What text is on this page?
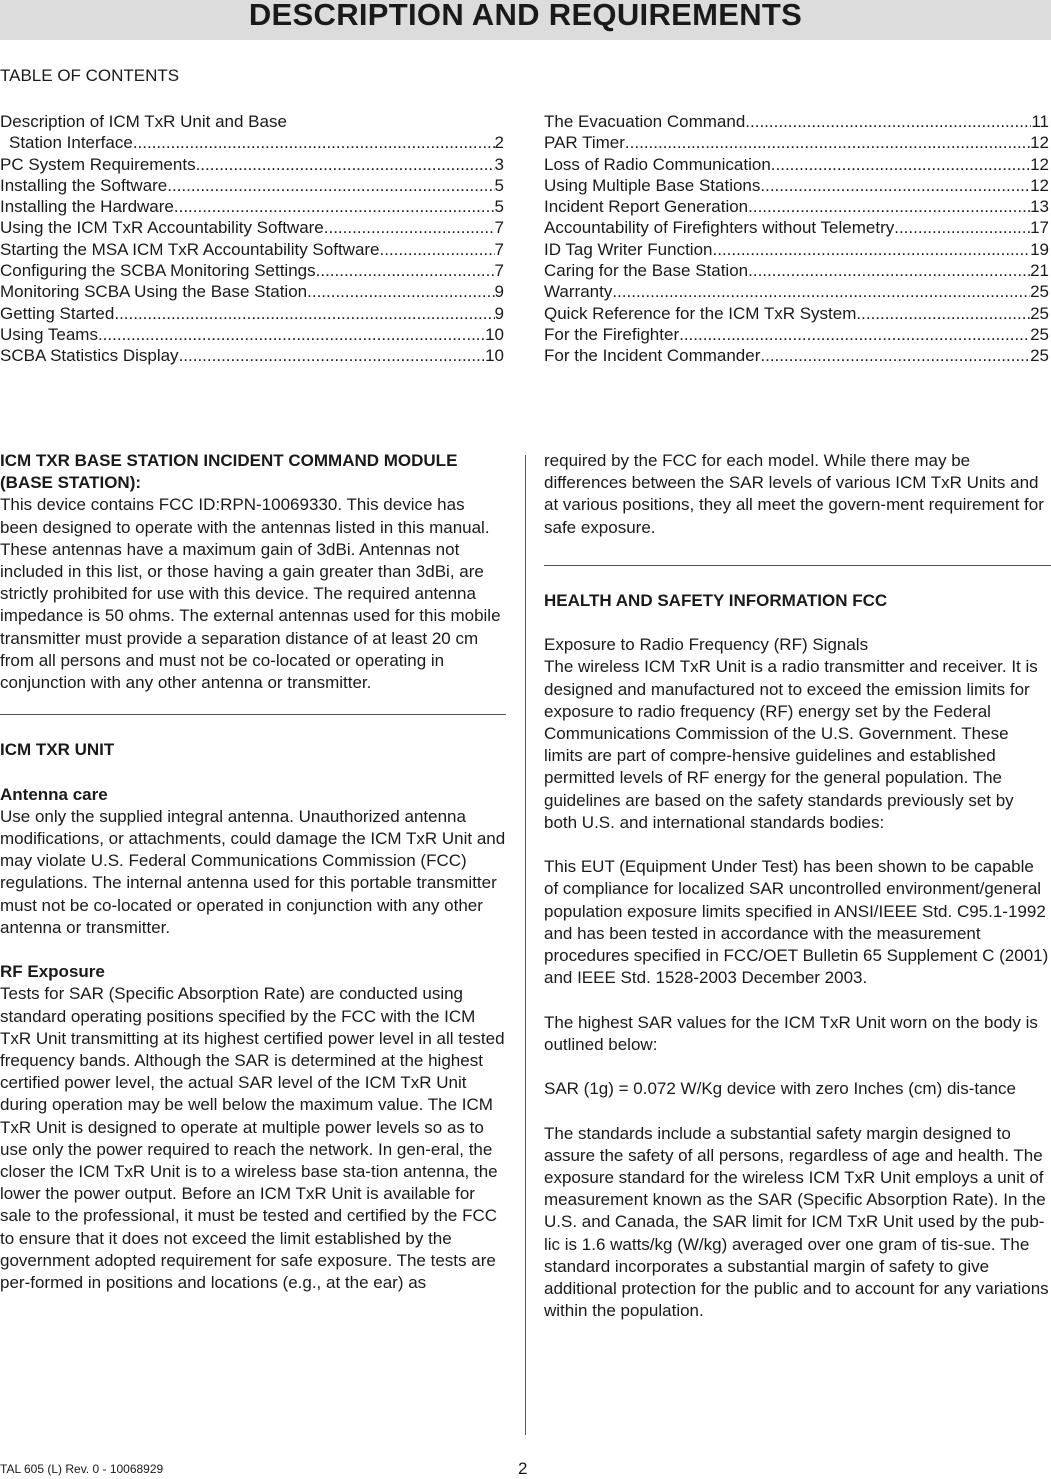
DESCRIPTION AND REQUIREMENTS
TABLE OF CONTENTS
Description of ICM TxR Unit and Base
Station Interface .....	2
PC System Requirements .....	3
Installing the Software .....	5
Installing the Hardware .....	5
Using the ICM TxR Accountability Software .....	7
Starting the MSA ICM TxR Accountability Software .....	7
Configuring the SCBA Monitoring Settings .....	7
Monitoring SCBA Using the Base Station .....	9
Getting Started .....	9
Using Teams .....	10
SCBA Statistics Display .....	10
The Evacuation Command .....	11
PAR Timer .....	12
Loss of Radio Communication .....	12
Using Multiple Base Stations .....	12
Incident Report Generation .....	13
Accountability of Firefighters without Telemetry .....	17
ID Tag Writer Function .....	19
Caring for the Base Station .....	21
Warranty .....	25
Quick Reference for the ICM TxR System .....	25
For the Firefighter .....	25
For the Incident Commander .....	25
ICM TXR BASE STATION INCIDENT COMMAND MODULE (BASE STATION):

This device contains FCC ID:RPN-10069330. This device has been designed to operate with the antennas listed in this manual. These antennas have a maximum gain of 3dBi. Antennas not included in this list, or those having a gain greater than 3dBi, are strictly prohibited for use with this device. The required antenna impedance is 50 ohms. The external antennas used for this mobile transmitter must provide a separation distance of at least 20 cm from all persons and must not be co-located or operating in conjunction with any other antenna or transmitter.

ICM TXR UNIT
Antenna care

Use only the supplied integral antenna. Unauthorized antenna modifications, or attachments, could damage the ICM TxR Unit and may violate U.S. Federal Communications Commission (FCC) regulations. The internal antenna used for this portable transmitter must not be co-located or operated in conjunction with any other antenna or transmitter.

RF Exposure

Tests for SAR (Specific Absorption Rate) are conducted using standard operating positions specified by the FCC with the ICM TxR Unit transmitting at its highest certified power level in all tested frequency bands. Although the SAR is determined at the highest certified power level, the actual SAR level of the ICM TxR Unit during operation may be well below the maximum value. The ICM TxR Unit is designed to operate at multiple power levels so as to use only the power required to reach the network. In gen-eral, the closer the ICM TxR Unit is to a wireless base sta-tion antenna, the lower the power output. Before an ICM TxR Unit is available for sale to the professional, it must be tested and certified by the FCC to ensure that it does not exceed the limit established by the government adopted requirement for safe exposure. The tests are per-formed in positions and locations (e.g., at the ear) as

required by the FCC for each model. While there may be differences between the SAR levels of various ICM TxR Units and at various positions, they all meet the govern-ment requirement for safe exposure.

HEALTH AND SAFETY INFORMATION FCC

Exposure to Radio Frequency (RF) Signals

The wireless ICM TxR Unit is a radio transmitter and receiver. It is designed and manufactured not to exceed the emission limits for exposure to radio frequency (RF) energy set by the Federal Communications Commission of the U.S. Government. These limits are part of compre-hensive guidelines and established permitted levels of RF energy for the general population. The guidelines are based on the safety standards previously set by both U.S. and international standards bodies:

This EUT (Equipment Under Test) has been shown to be capable of compliance for localized SAR uncontrolled environment/general population exposure limits specified in ANSI/IEEE Std. C95.1-1992 and has been tested in accordance with the measurement procedures specified in FCC/OET Bulletin 65 Supplement C (2001) and IEEE Std. 1528-2003 December 2003.

The highest SAR values for the ICM TxR Unit worn on the body is outlined below:

SAR (1g) = 0.072 W/Kg device with zero Inches (cm) dis-tance

The standards include a substantial safety margin designed to assure the safety of all persons, regardless of age and health. The exposure standard for the wireless ICM TxR Unit employs a unit of measurement known as the SAR (Specific Absorption Rate). In the U.S. and Canada, the SAR limit for ICM TxR Unit used by the pub-lic is 1.6 watts/kg (W/kg) averaged over one gram of tis-sue. The standard incorporates a substantial margin of safety to give additional protection for the public and to account for any variations within the population.

TAL 605 (L) Rev. 0 - 10068929	2
